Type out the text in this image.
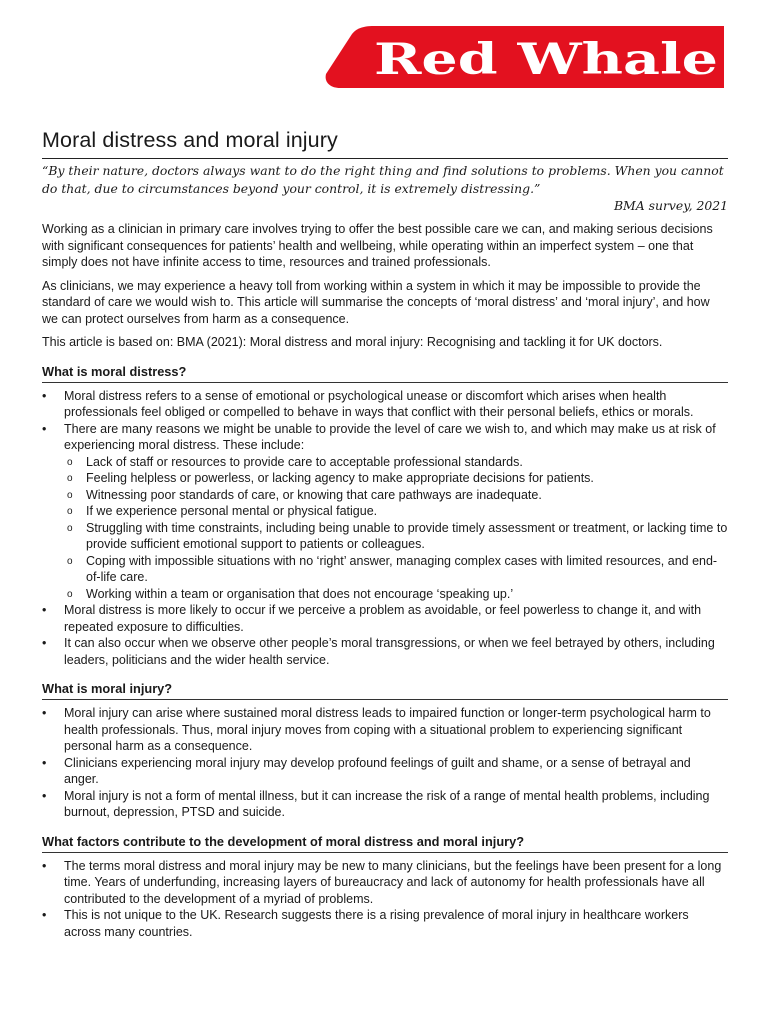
Red Whale
Moral distress and moral injury

“By their nature, doctors always want to do the right thing and find solutions to problems. When you cannot do that, due to circumstances beyond your control, it is extremely distressing.”

BMA survey, 2021

Working as a clinician in primary care involves trying to offer the best possible care we can, and making serious decisions with significant consequences for patients’ health and wellbeing, while operating within an imperfect system – one that simply does not have infinite access to time, resources and trained professionals.

As clinicians, we may experience a heavy toll from working within a system in which it may be impossible to provide the standard of care we would wish to. This article will summarise the concepts of ‘moral distress’ and ‘moral injury’, and how we can protect ourselves from harm as a consequence.

This article is based on: BMA (2021): Moral distress and moral injury: Recognising and tackling it for UK doctors.

What is moral distress?
• Moral distress refers to a sense of emotional or psychological unease or discomfort which arises when health professionals feel obliged or compelled to behave in ways that conflict with their personal beliefs, ethics or morals.
• There are many reasons we might be unable to provide the level of care we wish to, and which may make us at risk of experiencing moral distress. These include:
o Lack of staff or resources to provide care to acceptable professional standards.
o Feeling helpless or powerless, or lacking agency to make appropriate decisions for patients.
o Witnessing poor standards of care, or knowing that care pathways are inadequate.
o If we experience personal mental or physical fatigue.
o Struggling with time constraints, including being unable to provide timely assessment or treatment, or lacking time to provide sufficient emotional support to patients or colleagues.
o Coping with impossible situations with no ‘right’ answer, managing complex cases with limited resources, and end-of-life care.
o Working within a team or organisation that does not encourage ‘speaking up.’
• Moral distress is more likely to occur if we perceive a problem as avoidable, or feel powerless to change it, and with repeated exposure to difficulties.
• It can also occur when we observe other people’s moral transgressions, or when we feel betrayed by others, including leaders, politicians and the wider health service.
What is moral injury?
• Moral injury can arise where sustained moral distress leads to impaired function or longer-term psychological harm to health professionals. Thus, moral injury moves from coping with a situational problem to experiencing significant personal harm as a consequence.
• Clinicians experiencing moral injury may develop profound feelings of guilt and shame, or a sense of betrayal and anger.
• Moral injury is not a form of mental illness, but it can increase the risk of a range of mental health problems, including burnout, depression, PTSD and suicide.
What factors contribute to the development of moral distress and moral injury?
• The terms moral distress and moral injury may be new to many clinicians, but the feelings have been present for a long time. Years of underfunding, increasing layers of bureaucracy and lack of autonomy for health professionals have all contributed to the development of a myriad of problems.
• This is not unique to the UK. Research suggests there is a rising prevalence of moral injury in healthcare workers across many countries.
